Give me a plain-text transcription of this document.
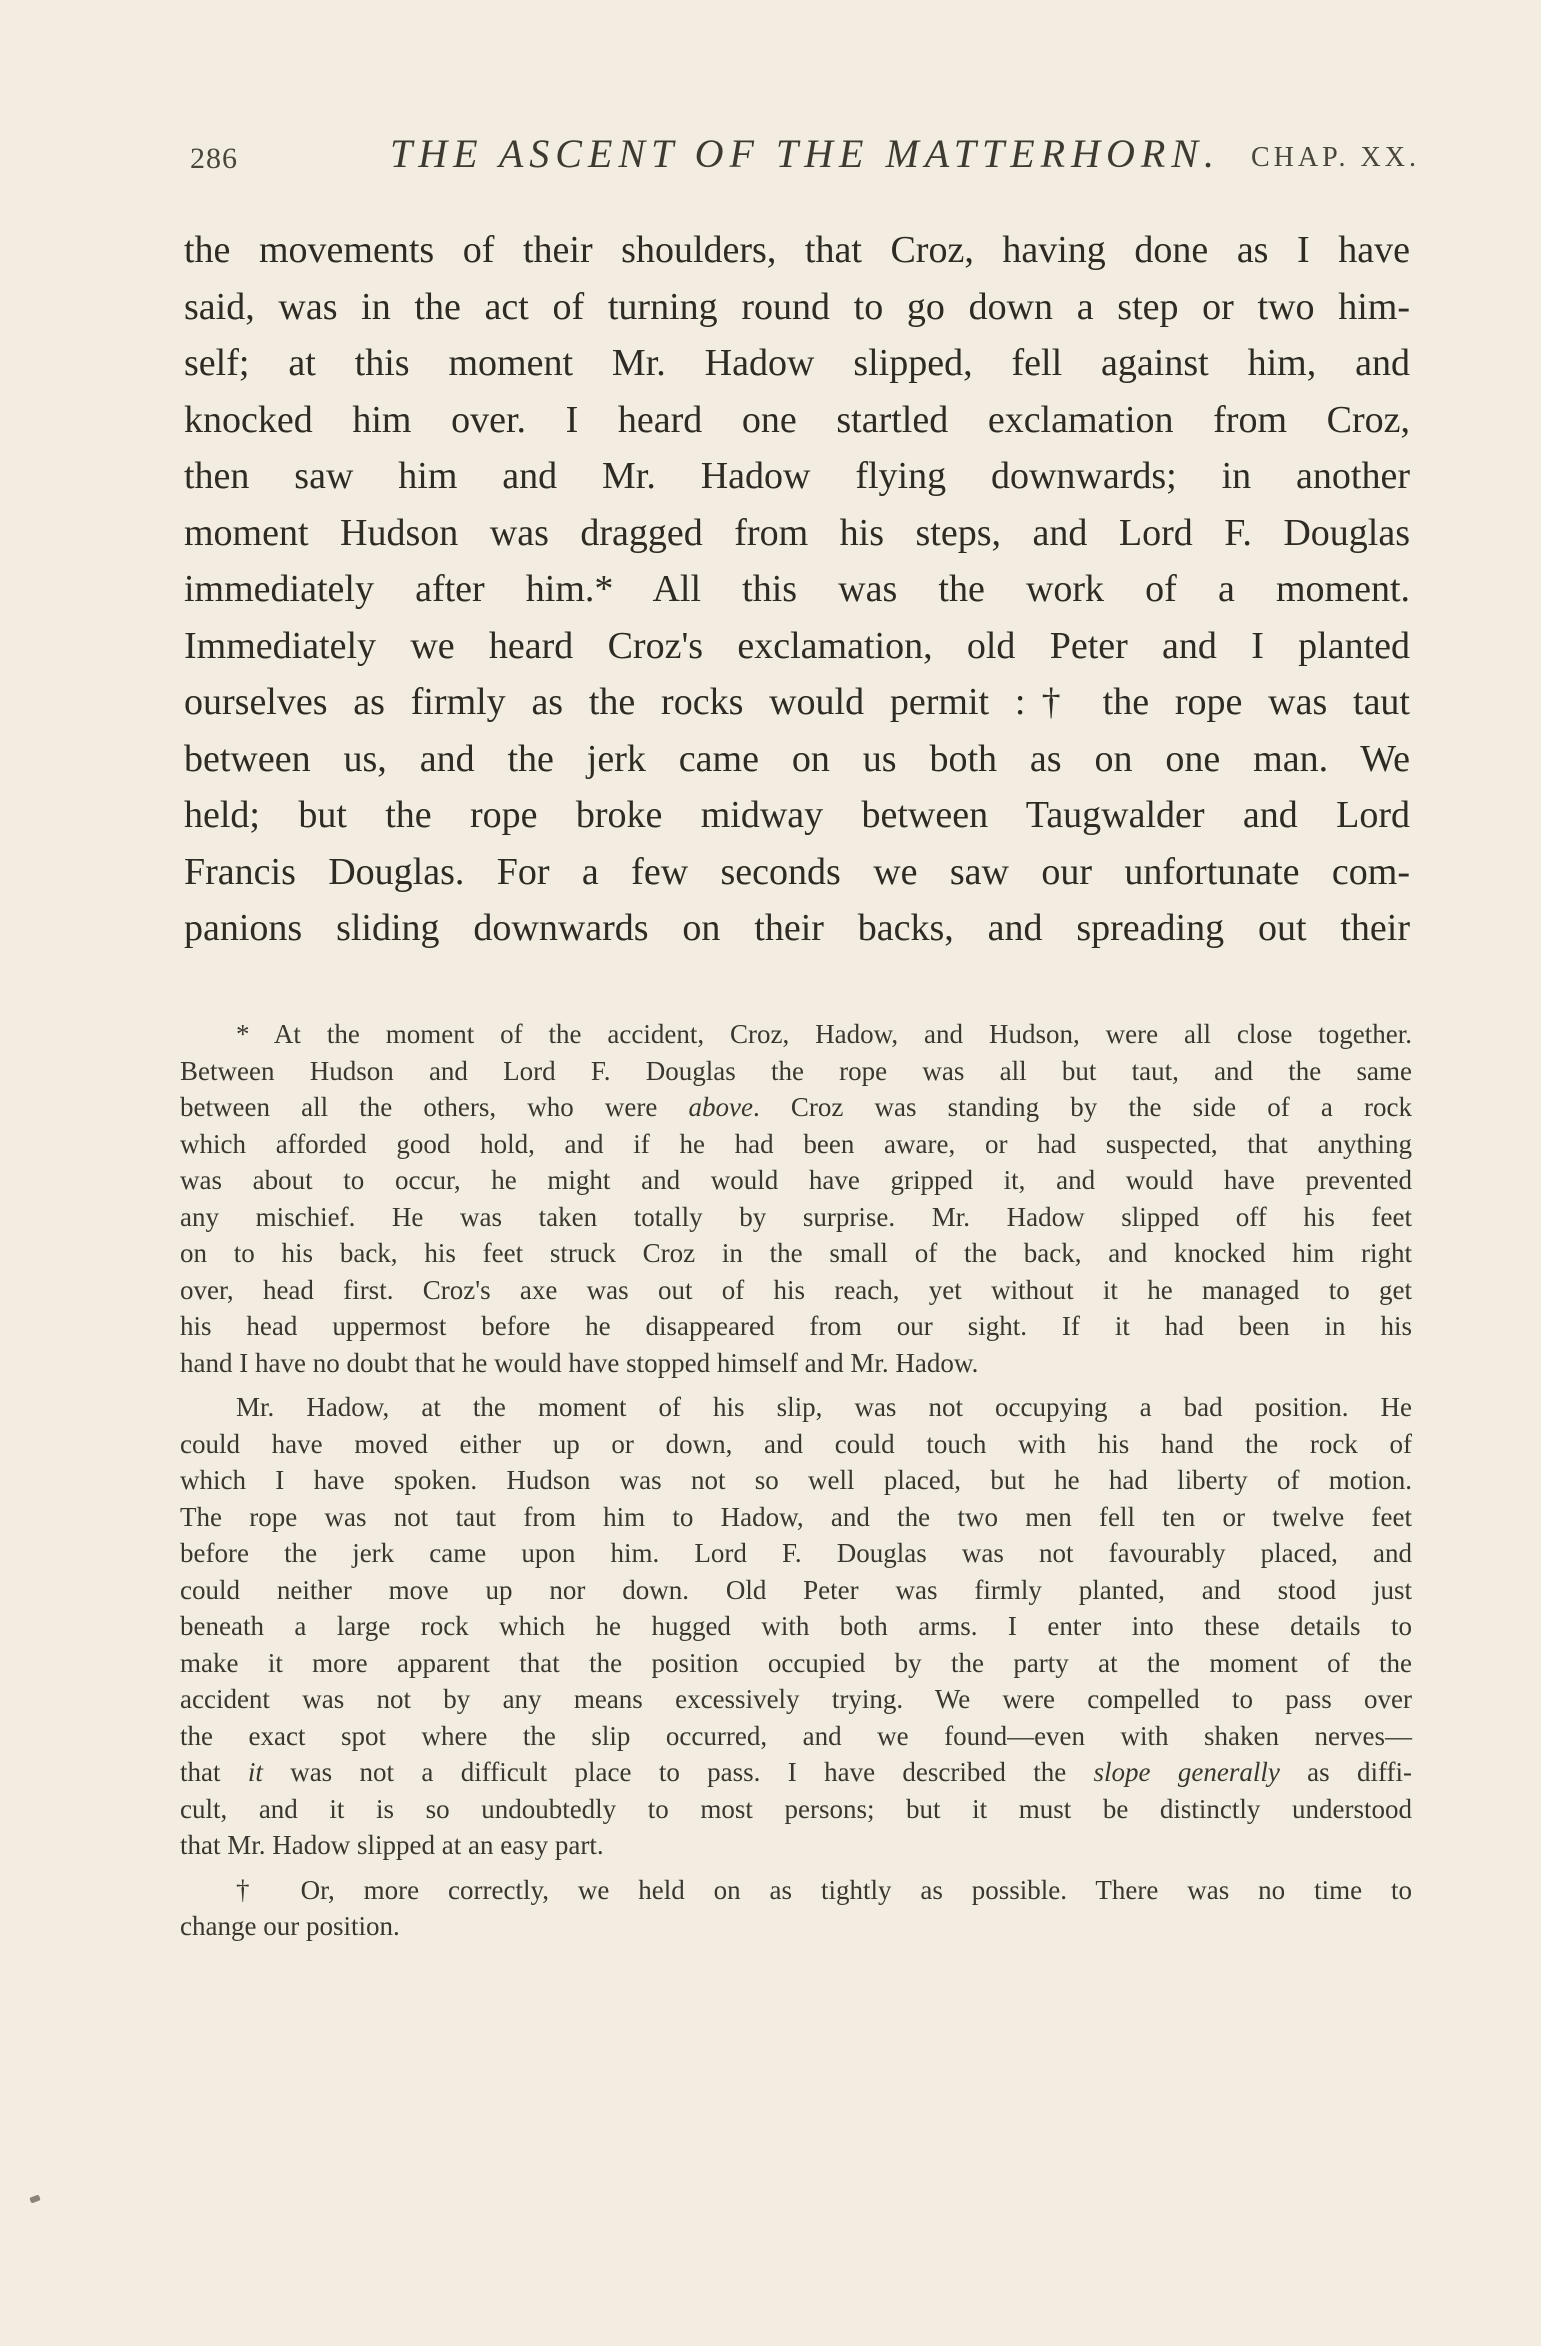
286	THE ASCENT OF THE MATTERHORN.	CHAP. XX.
the movements of their shoulders, that Croz, having done as I have
said, was in the act of turning round to go down a step or two him-
self; at this moment Mr. Hadow slipped, fell against him, and
knocked him over. I heard one startled exclamation from Croz,
then saw him and Mr. Hadow flying downwards; in another
moment Hudson was dragged from his steps, and Lord F. Douglas
immediately after him.* All this was the work of a moment.
Immediately we heard Croz's exclamation, old Peter and I planted
ourselves as firmly as the rocks would permit :† the rope was taut
between us, and the jerk came on us both as on one man. We
held; but the rope broke midway between Taugwalder and Lord
Francis Douglas. For a few seconds we saw our unfortunate com-
panions sliding downwards on their backs, and spreading out their
* At the moment of the accident, Croz, Hadow, and Hudson, were all close together.
Between Hudson and Lord F. Douglas the rope was all but taut, and the same
between all the others, who were above. Croz was standing by the side of a rock
which afforded good hold, and if he had been aware, or had suspected, that anything
was about to occur, he might and would have gripped it, and would have prevented
any mischief. He was taken totally by surprise. Mr. Hadow slipped off his feet
on to his back, his feet struck Croz in the small of the back, and knocked him right
over, head first. Croz's axe was out of his reach, yet without it he managed to get
his head uppermost before he disappeared from our sight. If it had been in his
hand I have no doubt that he would have stopped himself and Mr. Hadow.
Mr. Hadow, at the moment of his slip, was not occupying a bad position. He
could have moved either up or down, and could touch with his hand the rock of
which I have spoken. Hudson was not so well placed, but he had liberty of motion.
The rope was not taut from him to Hadow, and the two men fell ten or twelve feet
before the jerk came upon him. Lord F. Douglas was not favourably placed, and
could neither move up nor down. Old Peter was firmly planted, and stood just
beneath a large rock which he hugged with both arms. I enter into these details to
make it more apparent that the position occupied by the party at the moment of the
accident was not by any means excessively trying. We were compelled to pass over
the exact spot where the slip occurred, and we found—even with shaken nerves—
that it was not a difficult place to pass. I have described the slope generally as diffi-
cult, and it is so undoubtedly to most persons; but it must be distinctly understood
that Mr. Hadow slipped at an easy part.
† Or, more correctly, we held on as tightly as possible. There was no time to
change our position.
